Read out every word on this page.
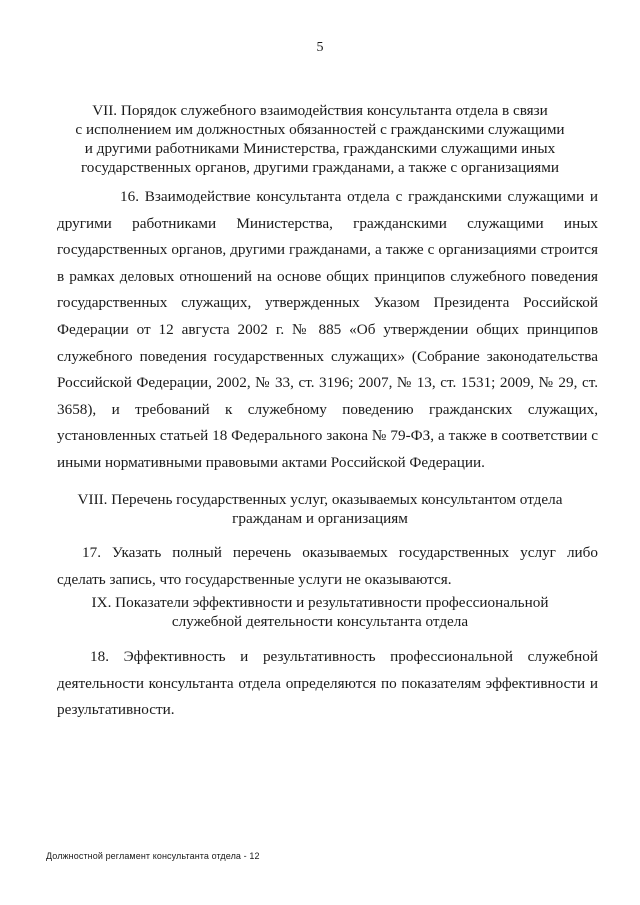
5
VII. Порядок служебного взаимодействия консультанта отдела в связи
с исполнением им должностных обязанностей с гражданскими служащими
и другими работниками Министерства, гражданскими служащими иных
государственных органов, другими гражданами, а также с организациями

16. Взаимодействие консультанта отдела с гражданскими служащими и другими работниками Министерства, гражданскими служащими иных государственных органов, другими гражданами, а также с организациями строится в рамках деловых отношений на основе общих принципов служебного поведения государственных служащих, утвержденных Указом Президента Российской Федерации от 12 августа 2002 г. № 885 «Об утверждении общих принципов служебного поведения государственных служащих» (Собрание законодательства Российской Федерации, 2002, № 33, ст. 3196; 2007, № 13, ст. 1531; 2009, № 29, ст. 3658), и требований к служебному поведению гражданских служащих, установленных статьей 18 Федерального закона № 79-ФЗ, а также в соответствии с иными нормативными правовыми актами Российской Федерации.

VIII. Перечень государственных услуг, оказываемых консультантом отдела
гражданам и организациям

17. Указать полный перечень оказываемых государственных услуг либо сделать запись, что государственные услуги не оказываются.

IX. Показатели эффективности и результативности профессиональной
служебной деятельности консультанта отдела

18. Эффективность и результативность профессиональной служебной деятельности консультанта отдела определяются по показателям эффективности и результативности.

Должностной регламент консультанта отдела - 12
